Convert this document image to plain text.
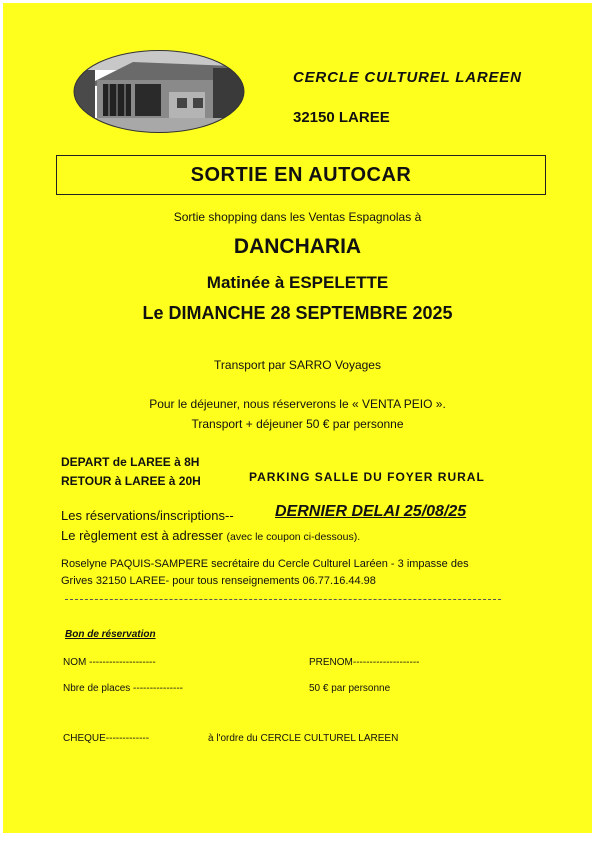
CERCLE CULTUREL LAREEN
32150 LAREE
SORTIE EN AUTOCAR
Sortie shopping dans les Ventas Espagnolas à
DANCHARIA
Matinée à ESPELETTE
Le DIMANCHE 28 SEPTEMBRE 2025
Transport par SARRO Voyages
Pour le déjeuner, nous réserverons le « VENTA PEIO ».
Transport + déjeuner 50 € par personne
DEPART de LAREE à 8H
RETOUR à LAREE à 20H	PARKING SALLE DU FOYER RURAL
Les réservations/inscriptions--	DERNIER DELAI 25/08/25
Le règlement est à adresser (avec le coupon ci-dessous).
Roselyne PAQUIS-SAMPERE secrétaire du Cercle Culturel Laréen - 3 impasse des
Grives 32150 LAREE- pour tous renseignements 06.77.16.44.98
Bon de réservation
NOM --------------------	PRENOM--------------------
Nbre de places ---------------	50 € par personne
CHEQUE-------------	à l'ordre du CERCLE CULTUREL LAREEN
